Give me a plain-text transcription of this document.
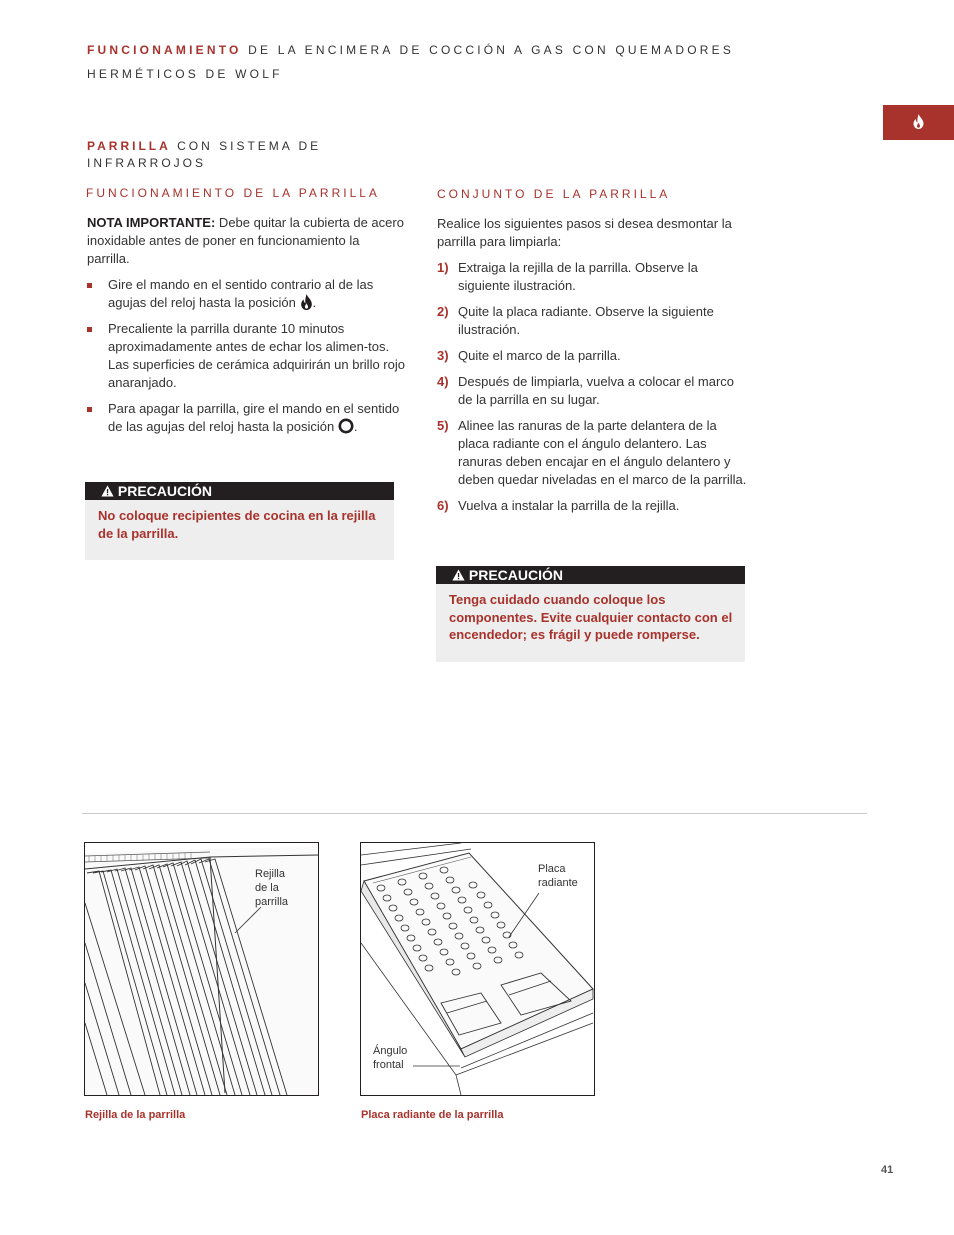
FUNCIONAMIENTO DE LA ENCIMERA DE COCCIÓN A GAS CON QUEMADORES
HERMÉTICOS DE WOLF
PARRILLA CON SISTEMA DE INFRARROJOS
FUNCIONAMIENTO DE LA PARRILLA
NOTA IMPORTANTE: Debe quitar la cubierta de acero inoxidable antes de poner en funcionamiento la parrilla.
Gire el mando en el sentido contrario al de las agujas del reloj hasta la posición .
Precaliente la parrilla durante 10 minutos aproximadamente antes de echar los alimen-tos. Las superficies de cerámica adquirirán un brillo rojo anaranjado.
Para apagar la parrilla, gire el mando en el sentido de las agujas del reloj hasta la posición .
PRECAUCIÓN
No coloque recipientes de cocina en la rejilla de la parrilla.
CONJUNTO DE LA PARRILLA
Realice los siguientes pasos si desea desmontar la parrilla para limpiarla:
1) Extraiga la rejilla de la parrilla. Observe la siguiente ilustración.
2) Quite la placa radiante. Observe la siguiente ilustración.
3) Quite el marco de la parrilla.
4) Después de limpiarla, vuelva a colocar el marco de la parrilla en su lugar.
5) Alinee las ranuras de la parte delantera de la placa radiante con el ángulo delantero. Las ranuras deben encajar en el ángulo delantero y deben quedar niveladas en el marco de la parrilla.
6) Vuelva a instalar la parrilla de la rejilla.
PRECAUCIÓN
Tenga cuidado cuando coloque los componentes. Evite cualquier contacto con el encendedor; es frágil y puede romperse.
Rejilla
de la
parrilla
Rejilla de la parrilla
Placa
radiante
Ángulo
frontal
Placa radiante de la parrilla
41
